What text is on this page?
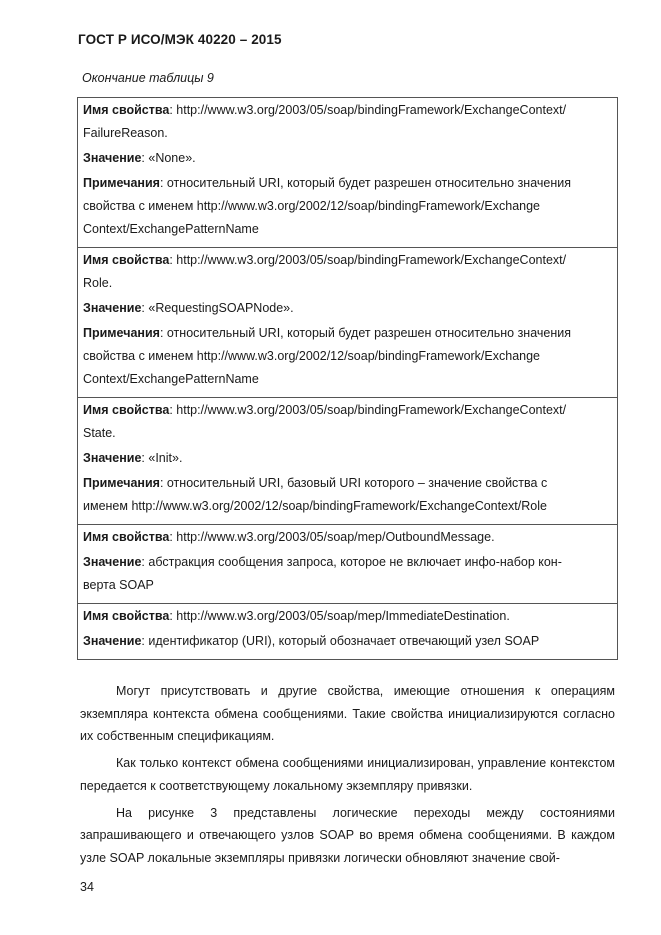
ГОСТ Р ИСО/МЭК 40220 – 2015
Окончание таблицы 9

Имя свойства: http://www.w3.org/2003/05/soap/bindingFramework/ExchangeContext/

FailureReason.

Значение: «None».

Примечания: относительный URI, который будет разрешен относительно значения

свойства с именем http://www.w3.org/2002/12/soap/bindingFramework/Exchange

Context/ExchangePatternName

Имя свойства: http://www.w3.org/2003/05/soap/bindingFramework/ExchangeContext/

Role.

Значение: «RequestingSOAPNode».

Примечания: относительный URI, который будет разрешен относительно значения

свойства с именем http://www.w3.org/2002/12/soap/bindingFramework/Exchange

Context/ExchangePatternName

Имя свойства: http://www.w3.org/2003/05/soap/bindingFramework/ExchangeContext/

State.

Значение: «Init».

Примечания: относительный URI, базовый URI которого – значение свойства с

именем http://www.w3.org/2002/12/soap/bindingFramework/ExchangeContext/Role

Имя свойства: http://www.w3.org/2003/05/soap/mep/OutboundMessage.

Значение: абстракция сообщения запроса, которое не включает инфо-набор кон-

верта SOAP

Имя свойства: http://www.w3.org/2003/05/soap/mep/ImmediateDestination.

Значение: идентификатор (URI), который обозначает отвечающий узел SOAP

Могут присутствовать и другие свойства, имеющие отношения к операциям экземпляра контекста обмена сообщениями. Такие свойства инициализируются согласно их собственным спецификациям.

Как только контекст обмена сообщениями инициализирован, управление контекстом передается к соответствующему локальному экземпляру привязки.

На рисунке 3 представлены логические переходы между состояниями запрашивающего и отвечающего узлов SOAP во время обмена сообщениями. В каждом узле SOAP локальные экземпляры привязки логически обновляют значение свой-

34
